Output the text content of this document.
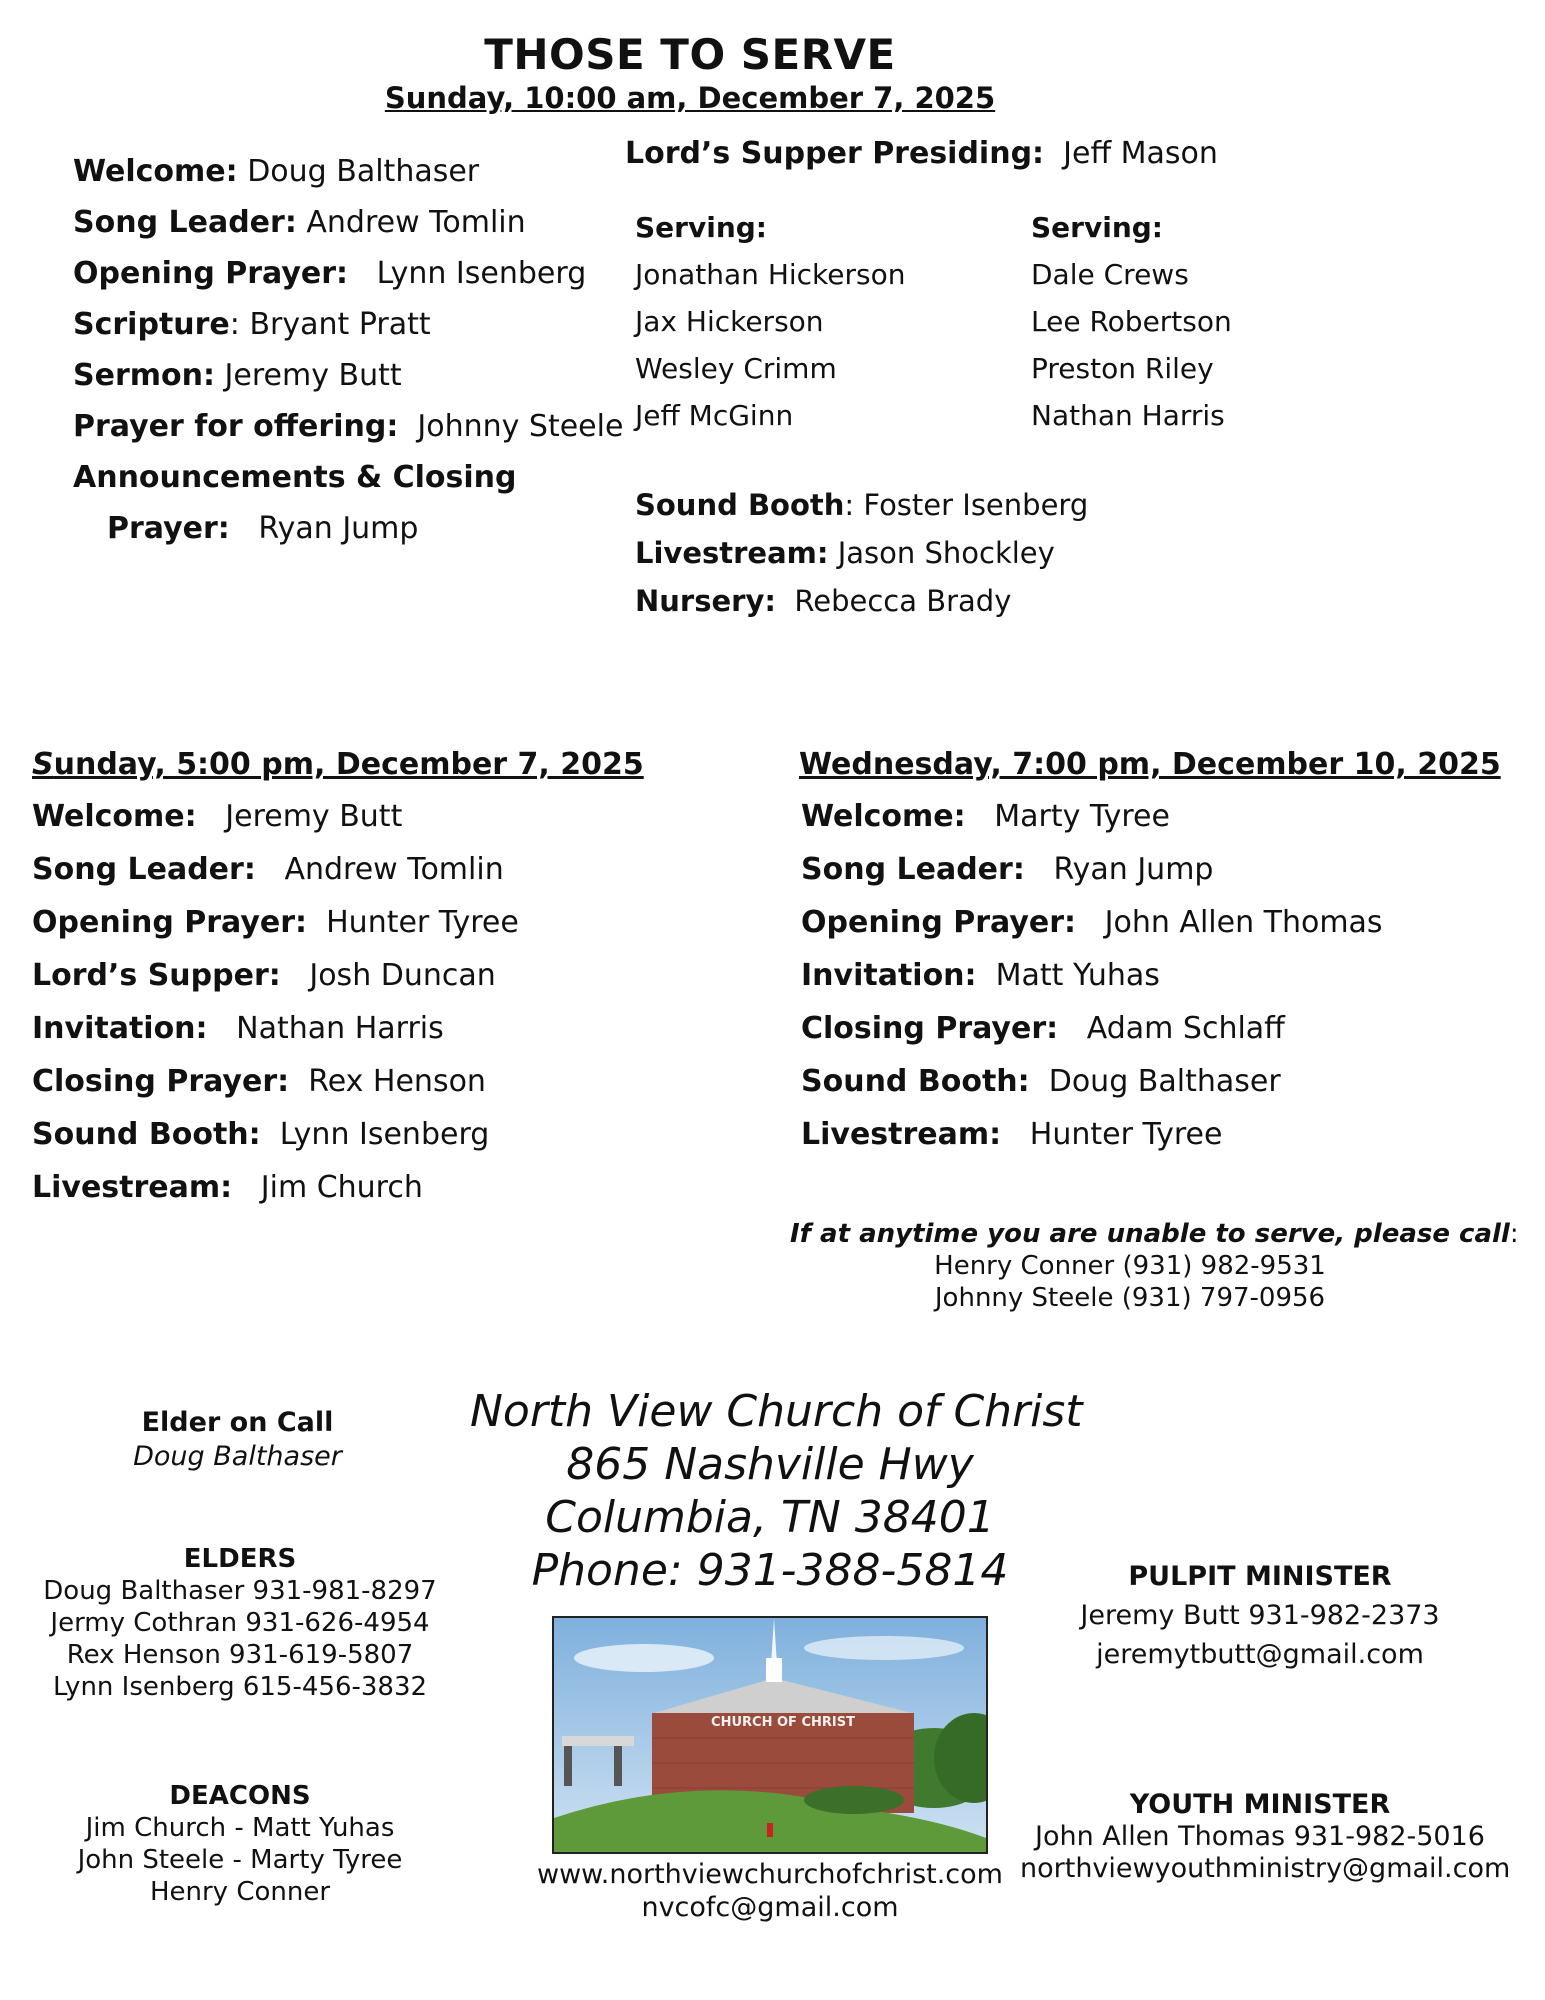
THOSE TO SERVE
Sunday, 10:00 am, December 7, 2025
Welcome: Doug Balthaser
Song Leader: Andrew Tomlin
Opening Prayer: Lynn Isenberg
Scripture: Bryant Pratt
Sermon: Jeremy Butt
Prayer for offering: Johnny Steele
Announcements & Closing
Prayer: Ryan Jump
Lord’s Supper Presiding: Jeff Mason
Serving:
Jonathan Hickerson
Jax Hickerson
Wesley Crimm
Jeff McGinn
Serving:
Dale Crews
Lee Robertson
Preston Riley
Nathan Harris
Sound Booth: Foster Isenberg
Livestream: Jason Shockley
Nursery: Rebecca Brady
Sunday, 5:00 pm, December 7, 2025
Welcome: Jeremy Butt
Song Leader: Andrew Tomlin
Opening Prayer: Hunter Tyree
Lord’s Supper: Josh Duncan
Invitation: Nathan Harris
Closing Prayer: Rex Henson
Sound Booth: Lynn Isenberg
Livestream: Jim Church
Wednesday, 7:00 pm, December 10, 2025
Welcome: Marty Tyree
Song Leader: Ryan Jump
Opening Prayer: John Allen Thomas
Invitation: Matt Yuhas
Closing Prayer: Adam Schlaff
Sound Booth: Doug Balthaser
Livestream: Hunter Tyree
If at anytime you are unable to serve, please call:
Henry Conner (931) 982-9531
Johnny Steele (931) 797-0956
Elder on Call
Doug Balthaser
ELDERS
Doug Balthaser 931-981-8297
Jermy Cothran 931-626-4954
Rex Henson 931-619-5807
Lynn Isenberg 615-456-3832
DEACONS
Jim Church - Matt Yuhas
John Steele - Marty Tyree
Henry Conner
North View Church of Christ
865 Nashville Hwy
Columbia, TN 38401
Phone: 931-388-5814
CHURCH OF CHRIST
www.northviewchurchofchrist.com
nvcofc@gmail.com
PULPIT MINISTER
Jeremy Butt 931-982-2373
jeremytbutt@gmail.com
YOUTH MINISTER
John Allen Thomas 931-982-5016
northviewyouthministry@gmail.com
